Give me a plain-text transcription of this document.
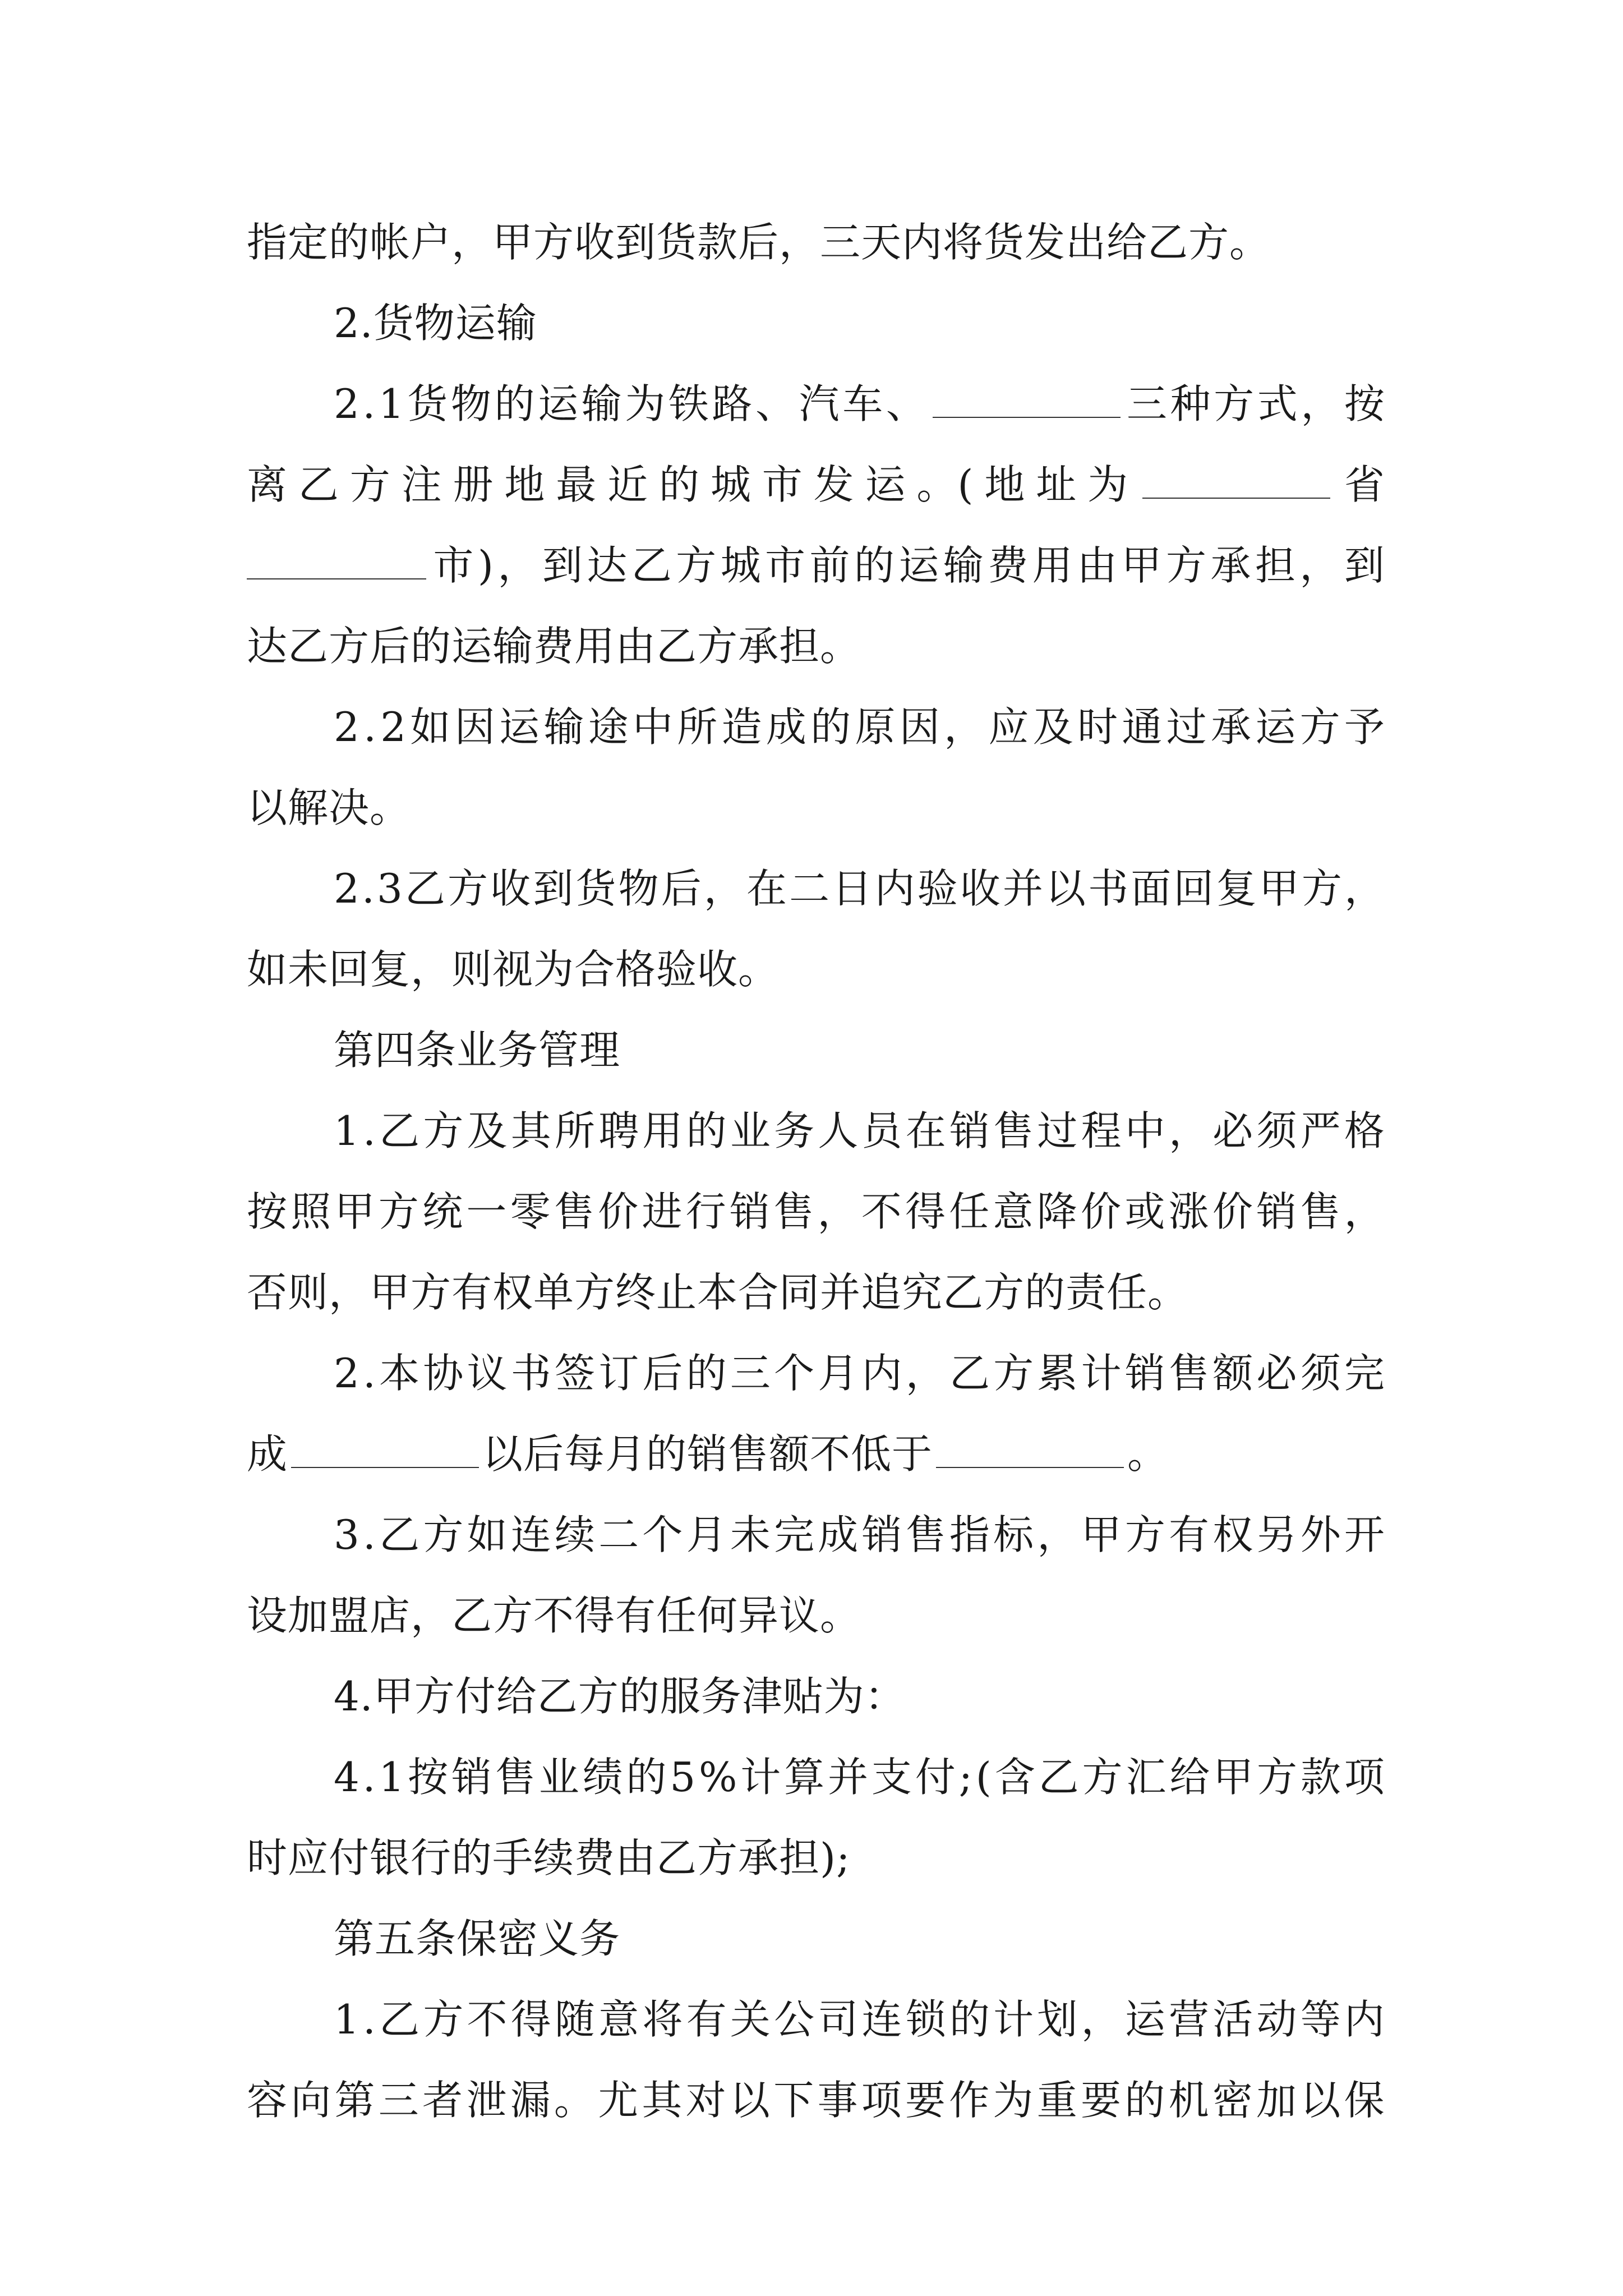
指定的帐户，甲方收到货款后，三天内将货发出给乙方。
2.货物运输
2 . 1 货 物 的 运 输 为 铁 路 、 汽 车 、	三 种 方 式 ， 按
离 乙 方 注 册 地 最 近 的 城 市 发 运 。( 地 址 为	省
市 ) ， 到 达 乙 方 城 市 前 的 运 输 费 用 由 甲 方 承 担 ， 到
达乙方后的运输费用由乙方承担。
2 . 2 如 因 运 输 途 中 所 造 成 的 原 因 ， 应 及 时 通 过 承 运 方 予
以解决。
2 . 3 乙 方 收 到 货 物 后 ， 在 二 日 内 验 收 并 以 书 面 回 复 甲 方 ，
如未回复，则视为合格验收。
第四条业务管理
1 . 乙 方 及 其 所 聘 用 的 业 务 人 员 在 销 售 过 程 中 ， 必 须 严 格
按 照 甲 方 统 一 零 售 价 进 行 销 售 ， 不 得 任 意 降 价 或 涨 价 销 售 ，
否则，甲方有权单方终止本合同并追究乙方的责任。
2 . 本 协 议 书 签 订 后 的 三 个 月 内 ， 乙 方 累 计 销 售 额 必 须 完
成	以后每月的销售额不低于	。
3 . 乙 方 如 连 续 二 个 月 未 完 成 销 售 指 标 ， 甲 方 有 权 另 外 开
设加盟店，乙方不得有任何异议。
4.甲方付给乙方的服务津贴为：
4 . 1 按 销 售 业 绩 的 5 % 计 算 并 支 付 ; ( 含 乙 方 汇 给 甲 方 款 项
时应付银行的手续费由乙方承担);
第五条保密义务
1 . 乙 方 不 得 随 意 将 有 关 公 司 连 锁 的 计 划 ， 运 营 活 动 等 内
容 向 第 三 者 泄 漏 。 尤 其 对 以 下 事 项 要 作 为 重 要 的 机 密 加 以 保
